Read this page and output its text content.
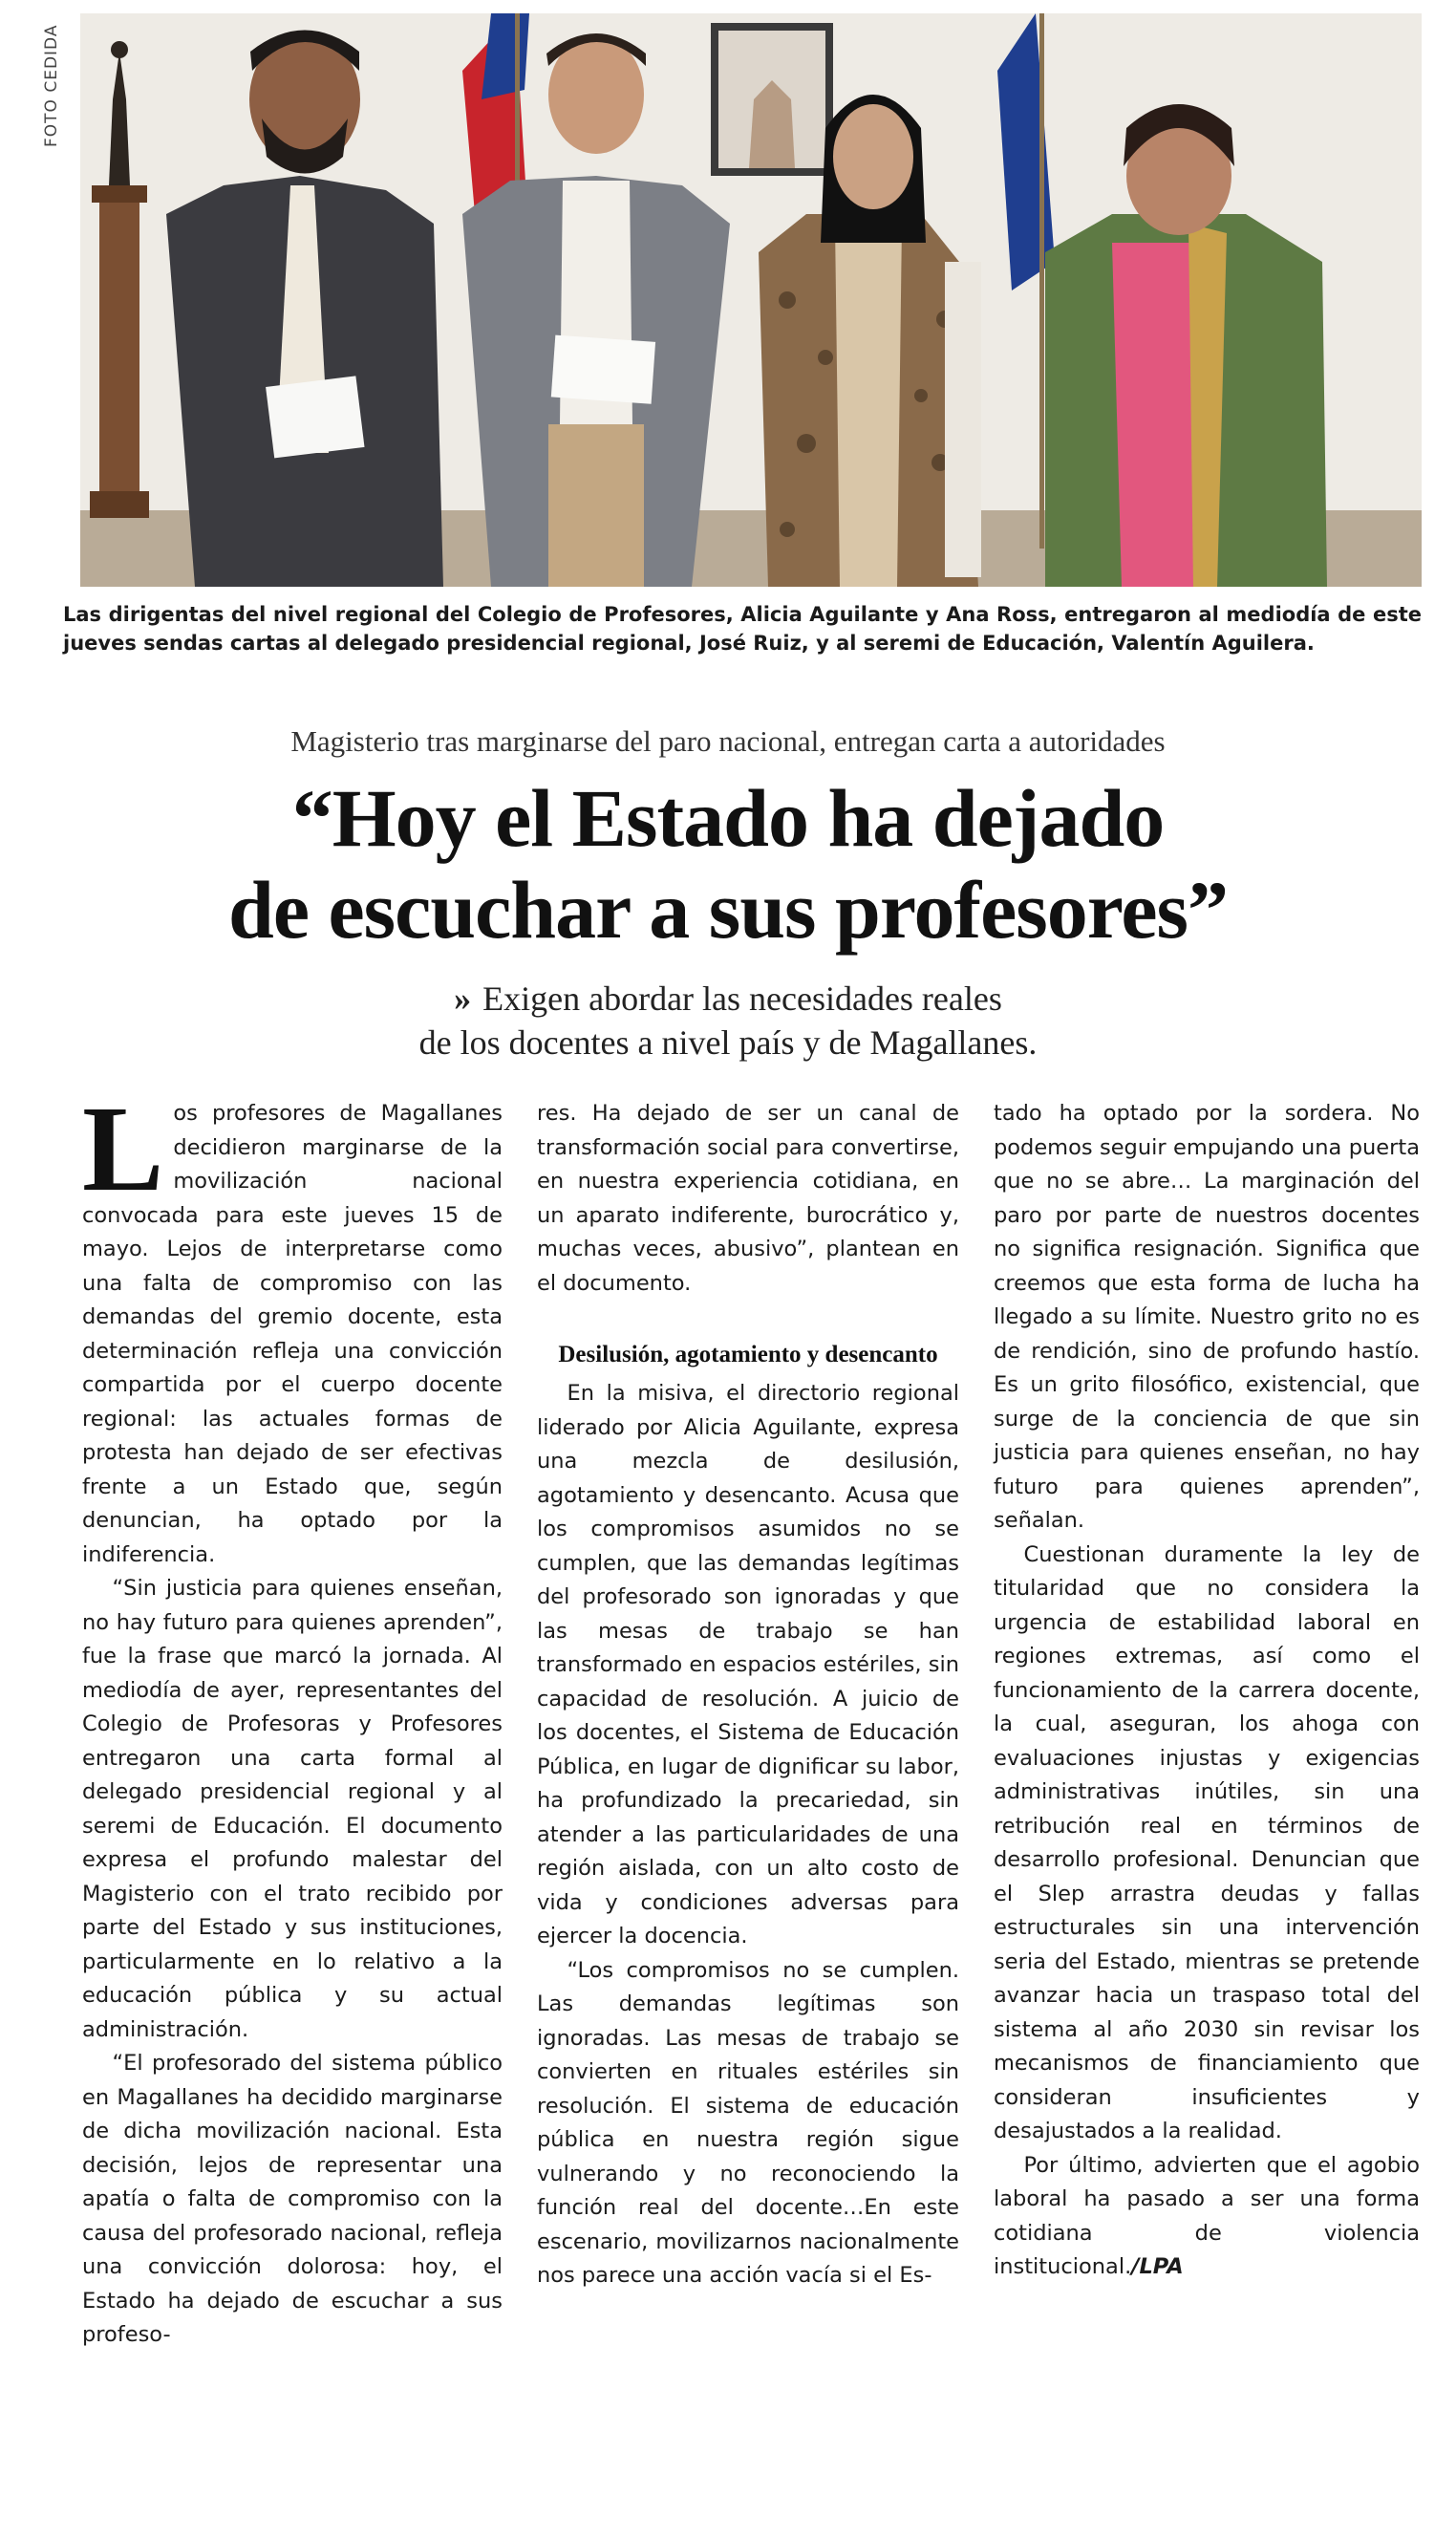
FOTO CEDIDA
Las dirigentas del nivel regional del Colegio de Profesores, Alicia Aguilante y Ana Ross, entregaron al mediodía de este jueves sendas cartas al delegado presidencial regional, José Ruiz, y al seremi de Educación, Valentín Aguilera.
Magisterio tras marginarse del paro nacional, entregan carta a autoridades
“Hoy el Estado ha dejado
de escuchar a sus profesores”
» Exigen abordar las necesidades reales
de los docentes a nivel país y de Magallanes.

Los profesores de Magallanes decidieron marginarse de la movilización nacional convocada para este jueves 15 de mayo. Lejos de interpretarse como una falta de compromiso con las demandas del gremio docente, esta determinación refleja una convicción compartida por el cuerpo docente regional: las actuales formas de protesta han dejado de ser efectivas frente a un Estado que, según denuncian, ha optado por la indiferencia.

“Sin justicia para quienes enseñan, no hay futuro para quienes aprenden”, fue la frase que marcó la jornada. Al mediodía de ayer, representantes del Colegio de Profesoras y Profesores entregaron una carta formal al delegado presidencial regional y al seremi de Educación. El documento expresa el profundo malestar del Magisterio con el trato recibido por parte del Estado y sus instituciones, particularmente en lo relativo a la educación pública y su actual administración.

“El profesorado del sistema público en Magallanes ha decidido marginarse de dicha movilización nacional. Esta decisión, lejos de representar una apatía o falta de compromiso con la causa del profesorado nacional, refleja una convicción dolorosa: hoy, el Estado ha dejado de escuchar a sus profeso-

res. Ha dejado de ser un canal de transformación social para convertirse, en nuestra experiencia cotidiana, en un aparato indiferente, burocrático y, muchas veces, abusivo”, plantean en el documento.

Desilusión, agotamiento y desencanto

En la misiva, el directorio regional liderado por Alicia Aguilante, expresa una mezcla de desilusión, agotamiento y desencanto. Acusa que los compromisos asumidos no se cumplen, que las demandas legítimas del profesorado son ignoradas y que las mesas de trabajo se han transformado en espacios estériles, sin capacidad de resolución. A juicio de los docentes, el Sistema de Educación Pública, en lugar de dignificar su labor, ha profundizado la precariedad, sin atender a las particularidades de una región aislada, con un alto costo de vida y condiciones adversas para ejercer la docencia.

“Los compromisos no se cumplen. Las demandas legítimas son ignoradas. Las mesas de trabajo se convierten en rituales estériles sin resolución. El sistema de educación pública en nuestra región sigue vulnerando y no reconociendo la función real del docente…En este escenario, movilizarnos nacionalmente nos parece una acción vacía si el Es-

tado ha optado por la sordera. No podemos seguir empujando una puerta que no se abre… La marginación del paro por parte de nuestros docentes no significa resignación. Significa que creemos que esta forma de lucha ha llegado a su límite. Nuestro grito no es de rendición, sino de profundo hastío. Es un grito filosófico, existencial, que surge de la conciencia de que sin justicia para quienes enseñan, no hay futuro para quienes aprenden”, señalan.

Cuestionan duramente la ley de titularidad que no considera la urgencia de estabilidad laboral en regiones extremas, así como el funcionamiento de la carrera docente, la cual, aseguran, los ahoga con evaluaciones injustas y exigencias administrativas inútiles, sin una retribución real en términos de desarrollo profesional. Denuncian que el Slep arrastra deudas y fallas estructurales sin una intervención seria del Estado, mientras se pretende avanzar hacia un traspaso total del sistema al año 2030 sin revisar los mecanismos de financiamiento que consideran insuficientes y desajustados a la realidad.

Por último, advierten que el agobio laboral ha pasado a ser una forma cotidiana de violencia institucional./LPA
